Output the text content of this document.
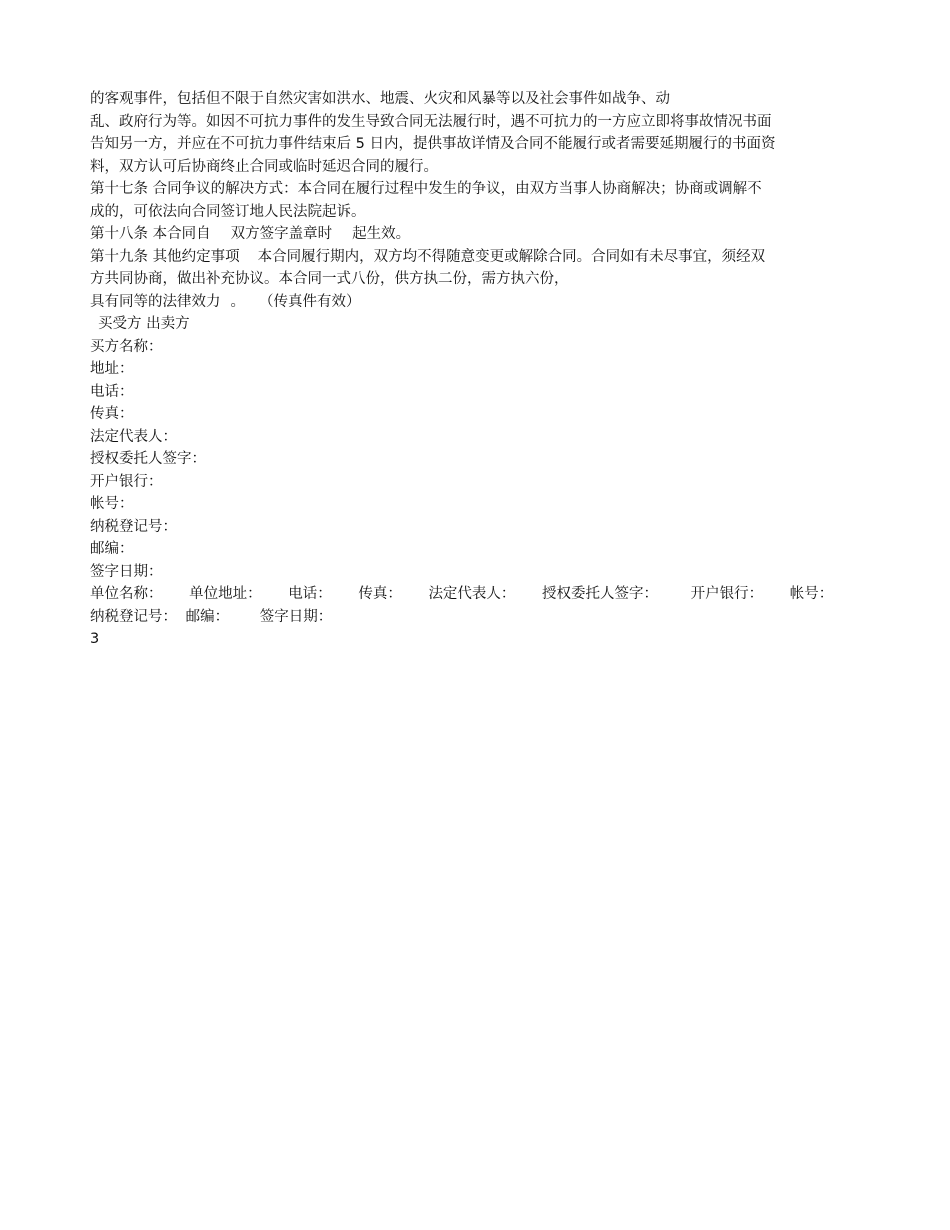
的客观事件，包括但不限于自然灾害如洪水、地震、火灾和风暴等以及社会事件如战争、动

乱、政府行为等。如因不可抗力事件的发生导致合同无法履行时，遇不可抗力的一方应立即将事故情况书面

告知另一方，并应在不可抗力事件结束后 5 日内，提供事故详情及合同不能履行或者需要延期履行的书面资

料，双方认可后协商终止合同或临时延迟合同的履行。

第十七条 合同争议的解决方式：本合同在履行过程中发生的争议，由双方当事人协商解决；协商或调解不

成的，可依法向合同签订地人民法院起诉。

第十八条 本合同自 双方签字盖章时 起生效。

第十九条 其他约定事项 本合同履行期内，双方均不得随意变更或解除合同。合同如有未尽事宜，须经双

方共同协商，做出补充协议。本合同一式八份，供方执二份，需方执六份，

具有同等的法律效力 。 （传真件有效）

买受方 出卖方

买方名称：

地址：

电话：

传真：

法定代表人：

授权委托人签字：

开户银行：

帐号：

纳税登记号：

邮编：

签字日期：

单位名称： 单位地址： 电话： 传真： 法定代表人： 授权委托人签字： 开户银行： 帐号： 纳税登记号： 邮编： 签字日期：

3
